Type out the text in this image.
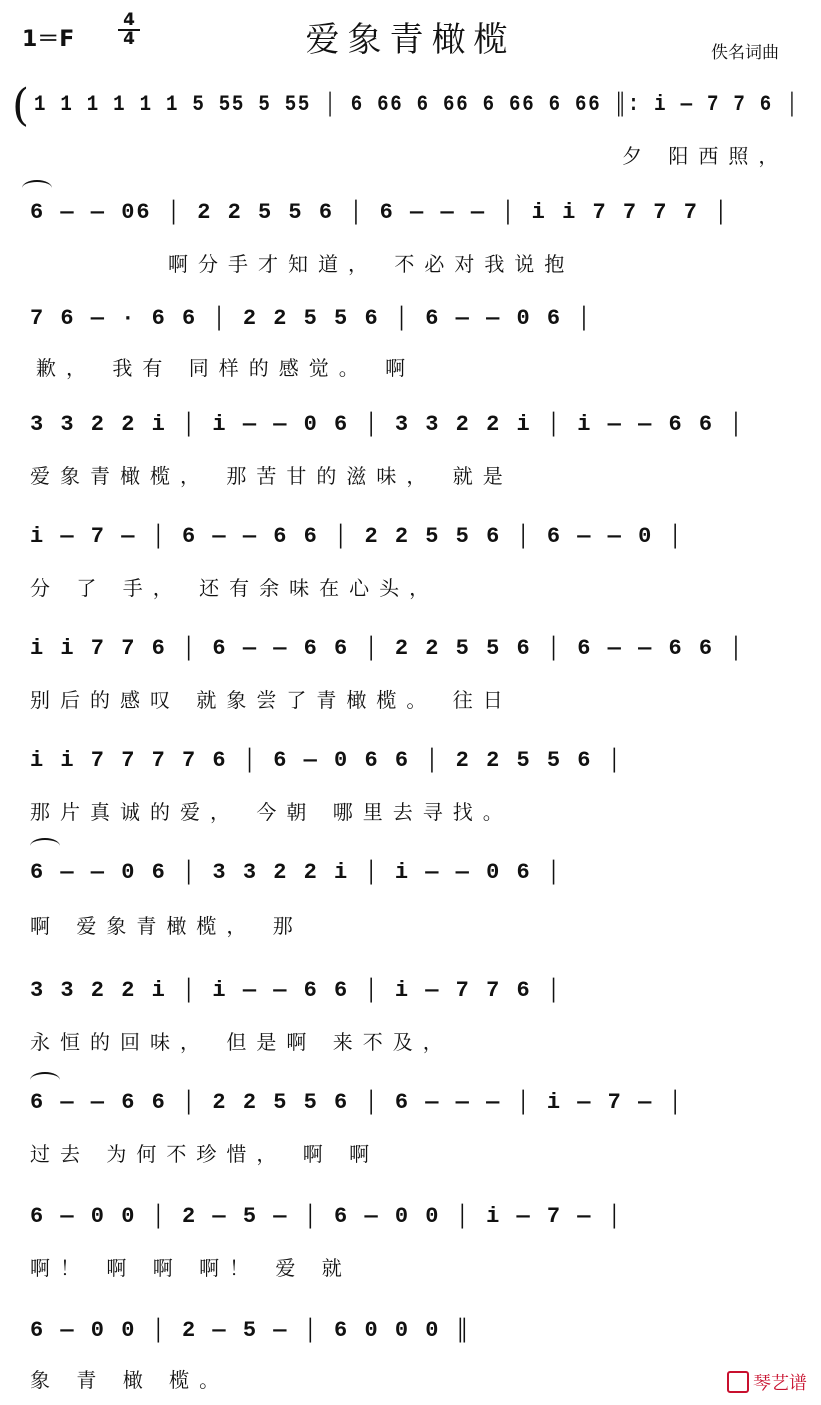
1＝F
4
4	爱象青橄榄	佚名词曲
( 1 1 1 1 1 1 5 55 5 55 │ 6 66 6 66 6 66 6 66 ║: i — 7 7 6 │
夕 阳西照，
6 — — 06 │ 2 2 5 5 6 │ 6 — — — │ i i 7 7 7 7 │
啊分手才知道， 不必对我说抱
7 6 — · 6 6 │ 2 2 5 5 6 │ 6 — — 0 6 │
歉， 我有 同样的感觉。 啊
3 3 2 2 i │ i — — 0 6 │ 3 3 2 2 i │ i — — 6 6 │
爱象青橄榄， 那苦甘的滋味， 就是
i — 7 — │ 6 — — 6 6 │ 2 2 5 5 6 │ 6 — — 0 │
分 了 手， 还有余味在心头，
i i 7 7 6 │ 6 — — 6 6 │ 2 2 5 5 6 │ 6 — — 6 6 │
别后的感叹 就象尝了青橄榄。 往日
i i 7 7 7 7 6 │ 6 — 0 6 6 │ 2 2 5 5 6 │
那片真诚的爱， 今朝 哪里去寻找。
6 — — 0 6 │ 3 3 2 2 i │ i — — 0 6 │
啊 爱象青橄榄， 那
3 3 2 2 i │ i — — 6 6 │ i — 7 7 6 │
永恒的回味， 但是啊 来不及，
6 — — 6 6 │ 2 2 5 5 6 │ 6 — — — │ i — 7 — │
过去 为何不珍惜， 啊 啊
6 — 0 0 │ 2 — 5 — │ 6 — 0 0 │ i — 7 — │
啊！ 啊 啊 啊！ 爱 就
6 — 0 0 │ 2 — 5 — │ 6 0 0 0 ║
象 青 橄 榄。	琴艺谱
